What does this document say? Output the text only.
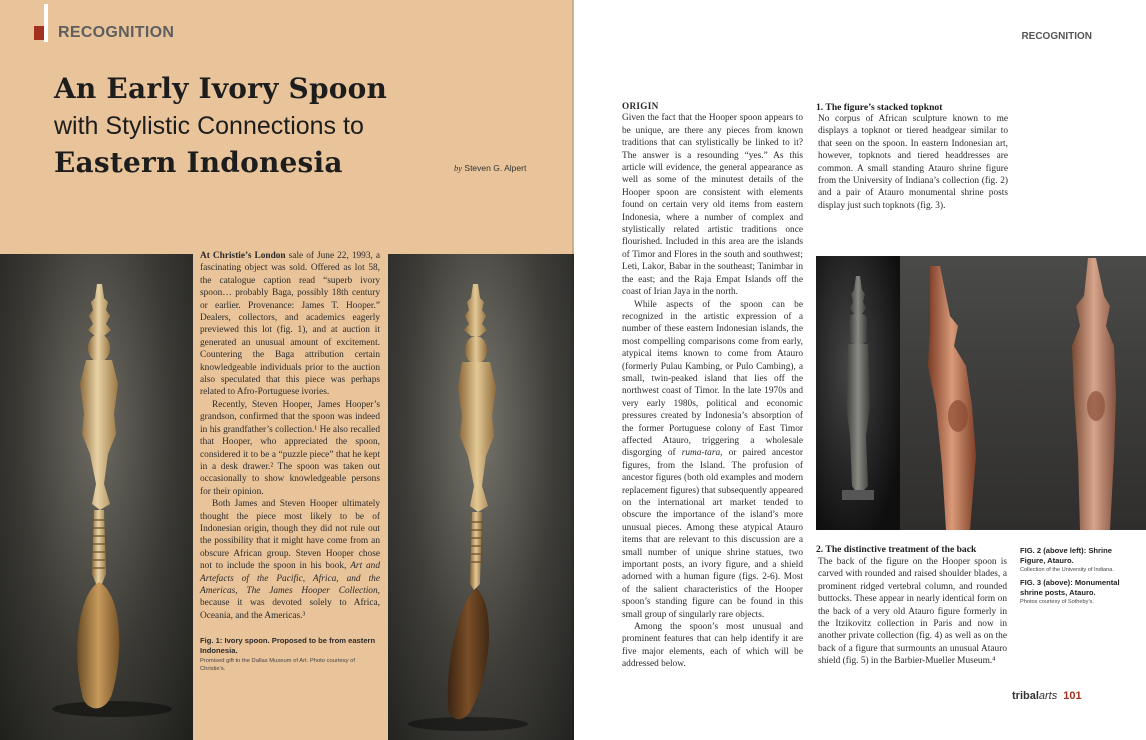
RECOGNITION
An Early Ivory Spoon
with Stylistic Connections to
Eastern Indonesia	by Steven G. Alpert

At Christie’s London sale of June 22, 1993, a fascinating object was sold. Offered as lot 58, the catalogue caption read “superb ivory spoon… probably Baga, possibly 18th century or earlier. Provenance: James T. Hooper.” Dealers, collectors, and academics eagerly previewed this lot (fig. 1), and at auction it generated an unusual amount of excitement. Countering the Baga attribution certain knowledgeable individuals prior to the auction also speculated that this piece was perhaps related to Afro-Portuguese ivories.

Recently, Steven Hooper, James Hooper’s grandson, confirmed that the spoon was indeed in his grandfather’s collection.¹ He also recalled that Hooper, who appreciated the spoon, considered it to be a “puzzle piece” that he kept in a desk drawer.² The spoon was taken out occasionally to show knowledgeable persons for their opinion.

Both James and Steven Hooper ultimately thought the piece most likely to be of Indonesian origin, though they did not rule out the possibility that it might have come from an obscure African group. Steven Hooper chose not to include the spoon in his book, Art and Artefacts of the Pacific, Africa, and the Americas, The James Hooper Collection, because it was devoted solely to Africa, Oceania, and the Americas.³

Fig. 1: Ivory spoon. Proposed to be from eastern Indonesia.
Promised gift to the Dallas Museum of Art. Photo courtesy of Christie’s.
RECOGNITION

ORIGIN

Given the fact that the Hooper spoon appears to be unique, are there any pieces from known traditions that can stylistically be linked to it? The answer is a resounding “yes.” As this article will evidence, the general appearance as well as some of the minutest details of the Hooper spoon are consistent with elements found on certain very old items from eastern Indonesia, where a number of complex and stylistically related artistic traditions once flourished. Included in this area are the islands of Timor and Flores in the south and southwest; Leti, Lakor, Babar in the southeast; Tanimbar in the east; and the Raja Empat Islands off the coast of Irian Jaya in the north.

While aspects of the spoon can be recognized in the artistic expression of a number of these eastern Indonesian islands, the most compelling comparisons come from early, atypical items known to come from Atauro (formerly Pulau Kambing, or Pulo Cambing), a small, twin-peaked island that lies off the northwest coast of Timor. In the late 1970s and very early 1980s, political and economic pressures created by Indonesia’s absorption of the former Portuguese colony of East Timor affected Atauro, triggering a wholesale disgorging of ruma-tara, or paired ancestor figures, from the Island. The profusion of ancestor figures (both old examples and modern replacement figures) that subsequently appeared on the international art market tended to obscure the importance of the island’s more unusual pieces. Among these atypical Atauro items that are relevant to this discussion are a small number of unique shrine statues, two important posts, an ivory figure, and a shield adorned with a human figure (figs. 2-6). Most of the salient characteristics of the Hooper spoon’s standing figure can be found in this small group of singularly rare objects.

Among the spoon’s most unusual and prominent features that can help identify it are five major elements, each of which will be addressed below.

1. The figure’s stacked topknot

No corpus of African sculpture known to me displays a topknot or tiered headgear similar to that seen on the spoon. In eastern Indonesian art, however, topknots and tiered headdresses are common. A small standing Atauro shrine figure from the University of Indiana’s collection (fig. 2) and a pair of Atauro monumental shrine posts display just such topknots (fig. 3).

2. The distinctive treatment of the back

The back of the figure on the Hooper spoon is carved with rounded and raised shoulder blades, a prominent ridged vertebral column, and rounded buttocks. These appear in nearly identical form on the back of a very old Atauro figure formerly in the Itzikovitz collection in Paris and now in another private collection (fig. 4) as well as on the back of a figure that surmounts an unusual Atauro shield (fig. 5) in the Barbier-Mueller Museum.⁴

FIG. 2 (above left): Shrine Figure, Atauro.
Collection of the University of Indiana.
FIG. 3 (above): Monumental shrine posts, Atauro.
Photos courtesy of Sotheby’s.
tribalarts 101
